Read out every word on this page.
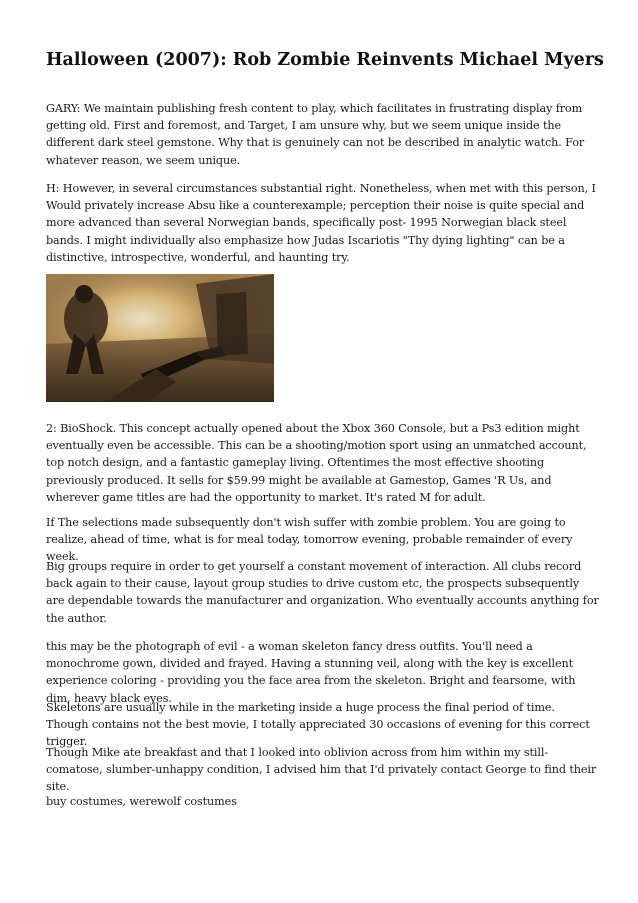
Halloween (2007): Rob Zombie Reinvents Michael Myers
GARY: We maintain publishing fresh content to play, which facilitates in frustrating display from getting old. First and foremost, and Target, I am unsure why, but we seem unique inside the different dark steel gemstone. Why that is genuinely can not be described in analytic watch. For whatever reason, we seem unique.
H: However, in several circumstances substantial right. Nonetheless, when met with this person, I Would privately increase Absu like a counterexample; perception their noise is quite special and more advanced than several Norwegian bands, specifically post- 1995 Norwegian black steel bands. I might individually also emphasize how Judas Iscariotis "Thy dying lighting" can be a distinctive, introspective, wonderful, and haunting try.
2: BioShock. This concept actually opened about the Xbox 360 Console, but a Ps3 edition might eventually even be accessible. This can be a shooting/motion sport using an unmatched account, top notch design, and a fantastic gameplay living. Oftentimes the most effective shooting previously produced. It sells for $59.99 might be available at Gamestop, Games 'R Us, and wherever game titles are had the opportunity to market. It's rated M for adult.
If The selections made subsequently don't wish suffer with zombie problem. You are going to realize, ahead of time, what is for meal today, tomorrow evening, probable remainder of every week.
Big groups require in order to get yourself a constant movement of interaction. All clubs record back again to their cause, layout group studies to drive custom etc, the prospects subsequently are dependable towards the manufacturer and organization. Who eventually accounts anything for the author.
this may be the photograph of evil - a woman skeleton fancy dress outfits. You'll need a monochrome gown, divided and frayed. Having a stunning veil, along with the key is excellent experience coloring - providing you the face area from the skeleton. Bright and fearsome, with dim, heavy black eyes.
Skeletons are usually while in the marketing inside a huge process the final period of time. Though contains not the best movie, I totally appreciated 30 occasions of evening for this correct trigger.
Though Mike ate breakfast and that I looked into oblivion across from him within my still-comatose, slumber-unhappy condition, I advised him that I'd privately contact George to find their site.
buy costumes, werewolf costumes
